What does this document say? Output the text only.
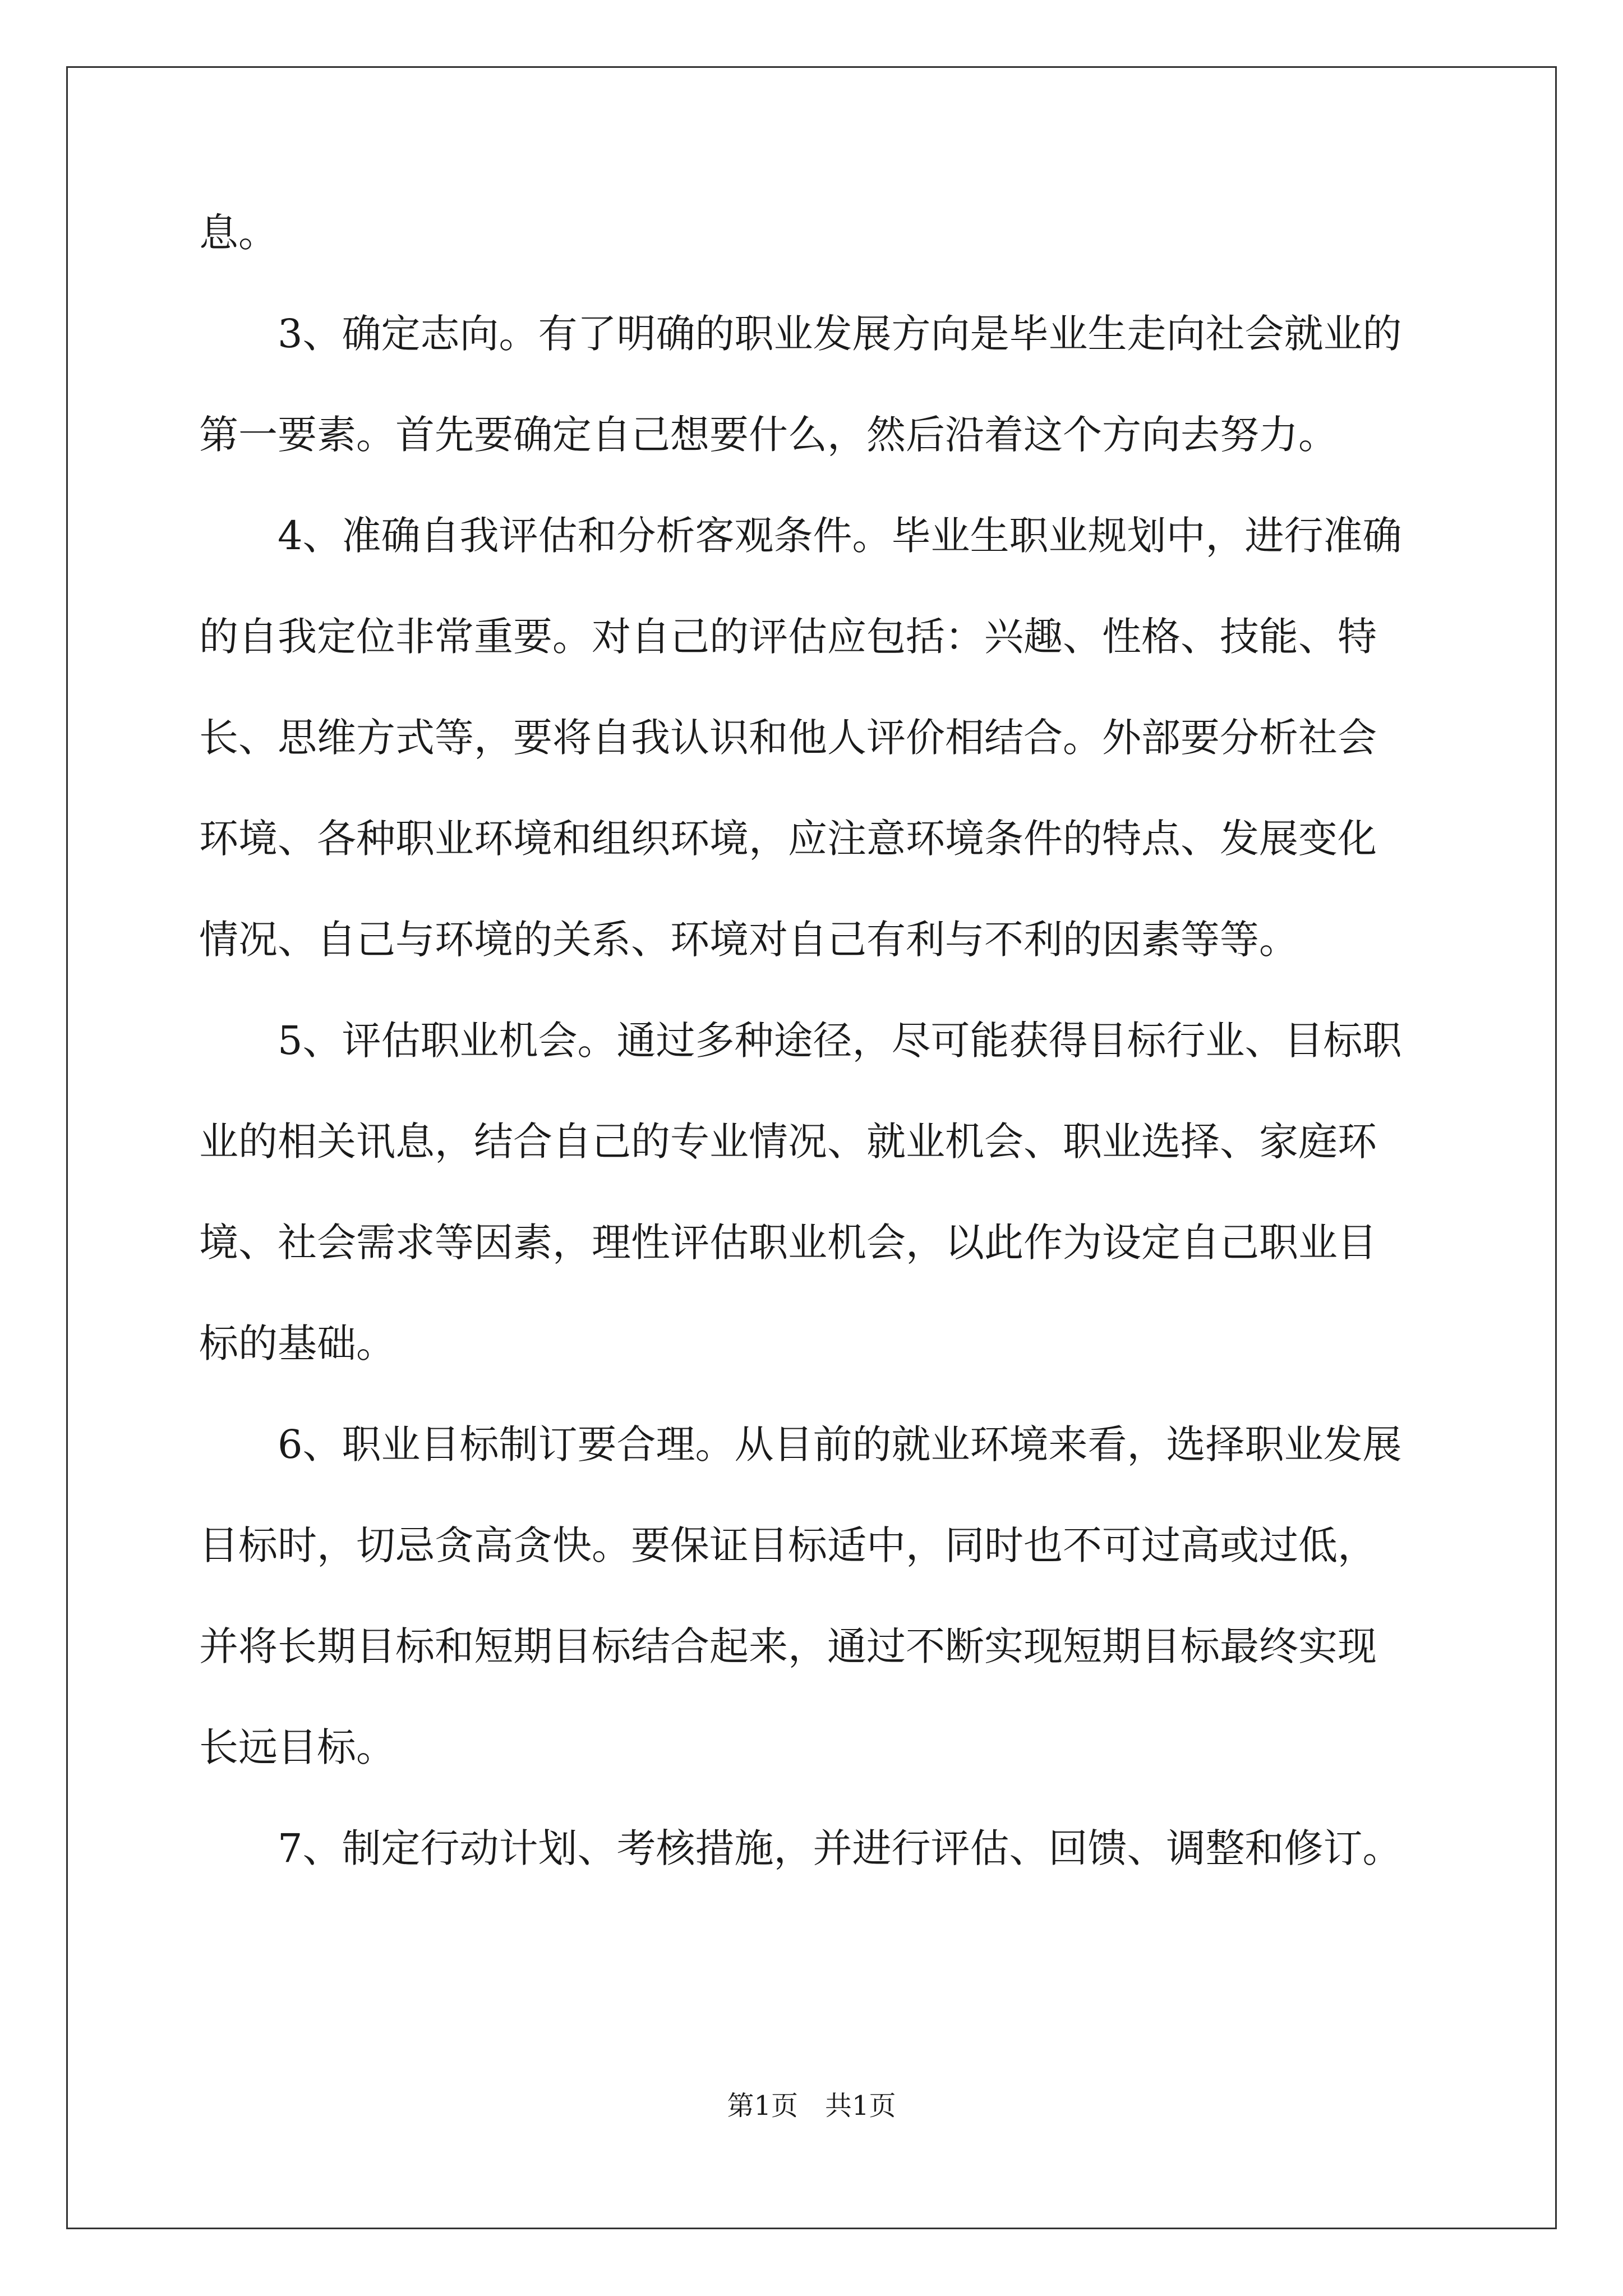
息。
3、确定志向。有了明确的职业发展方向是毕业生走向社会就业的
第一要素。首先要确定自己想要什么，然后沿着这个方向去努力。
4、准确自我评估和分析客观条件。毕业生职业规划中，进行准确
的自我定位非常重要。对自己的评估应包括：兴趣、性格、技能、特
长、思维方式等，要将自我认识和他人评价相结合。外部要分析社会
环境、各种职业环境和组织环境，应注意环境条件的特点、发展变化
情况、自己与环境的关系、环境对自己有利与不利的因素等等。
5、评估职业机会。通过多种途径，尽可能获得目标行业、目标职
业的相关讯息，结合自己的专业情况、就业机会、职业选择、家庭环
境、社会需求等因素，理性评估职业机会，以此作为设定自己职业目
标的基础。
6、职业目标制订要合理。从目前的就业环境来看，选择职业发展
目标时，切忌贪高贪快。要保证目标适中，同时也不可过高或过低，
并将长期目标和短期目标结合起来，通过不断实现短期目标最终实现
长远目标。
7、制定行动计划、考核措施，并进行评估、回馈、调整和修订。
第1页　共1页
